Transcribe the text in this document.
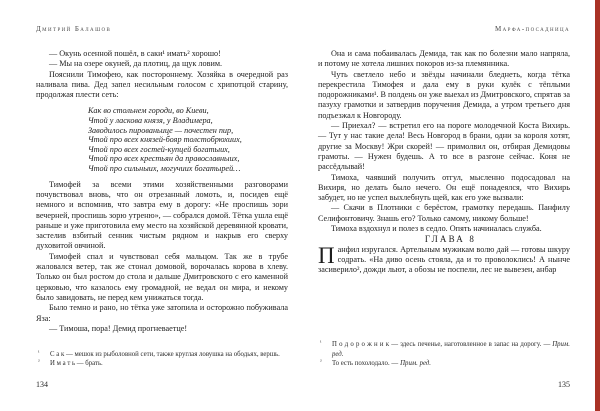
Дмитрий Балашов

— Окунь осенной пошёл, в саки¹ имать² хорошо!

— Мы на озере окуней, да плотиц, да щук ловим.

Пояснили Тимофею, как постороннему. Хозяйка в очередной раз наливала пива. Дед запел несильным голосом с хрипотцой старину, продолжая плести сеть:

Как во стольнем городи, во Киеви,
Чтой у ласкова князя, у Владимера,
Заводилось пированьице — почестен пир,
Чтой про всех князей-бояр толстобрюхиих,
Чтой про всех гостей-купцей богатыих,
Чтой про всех крестьян да православныих,
Чтой про сильныих, могучиих богатырей…

Тимофей за всеми этими хозяйственными разговорами почувствовал вновь, что он отрезанный ломоть, и, посидев ещё немного и вспомнив, что завтра ему в дорогу: «Не проспишь зори вечерней, проспишь зорю утреню», — собрался домой. Тётка ушла ещё раньше и уже приготовила ему место на хозяйской деревянной кровати, застелив взбитый сенник чистым рядном и накрыв его сверху духовитой овчиной.

Тимофей спал и чувствовал себя мальцом. Так же в трубе жаловался ветер, так же стонал домовой, ворочалась корова в хлеву. Только он был ростом до стола и дальше Дмитровского с его каменной церковью, что казалось ему громадной, не ведал он мира, и некому было завидовать, не перед кем унижаться тогда.

Было темно и рано, но тётка уже затопила и осторожно побуживала Яза:

— Тимоша, пора! Демид прогневаетце!

¹ С а к — мешок из рыболовной сети, также круглая ловушка на ободьях, вершь.
² И м а т ь — брать.
134
Марфа-посадница

Она и сама побаивалась Демида, так как по болезни мало напряла, и потому не хотела лишних покоров из-за племянника.

Чуть светлело небо и звёзды начинали бледнеть, когда тётка перекрестила Тимофея и дала ему в руки кулёк с тёплыми подорожниками¹. В полдень он уже выехал из Дмитровского, спрятав за пазуху грамотки и затвердив поручения Демида, а утром третьего дня подъезжал к Новгороду.

— Приехал? — встретил его на пороге молодечной Коста Вихирь. — Тут у нас такие дела! Весь Новгород в брани, одни за короля хотят, другие за Москву! Жри скорей! — примолвил он, отбирая Демидовы грамоты. — Нужен будешь. А то все в разгоне сейчас. Коня не рассёдлывай!

Тимоха, чаявший получить отгул, мысленно подосадовал на Вихиря, но делать было нечего. Он ещё понадеялся, что Вихирь забудет, но не успел выхлебнуть щей, как его уже вызвали:

— Скачи в Плотники с берёстом, грамотку передашь. Панфилу Селифонтовичу. Знашь его? Только самому, никому больше!

Тимоха вздохнул и полез в седло. Опять начиналась служба.

ГЛАВА 8

Панфил изругался. Артельным мужикам волю дай — готовы шкуру содрать. «На диво осень стояла, да и то проволоклись! А нынче засиверило², дожди льют, а обозы не поспели, лес не вывезен, анбар

¹ П о д о р о ж н и к — здесь печенье, наготовленное в запас на дорогу. — Прим. ред.
² То есть похолодало. — Прим. ред.
135
